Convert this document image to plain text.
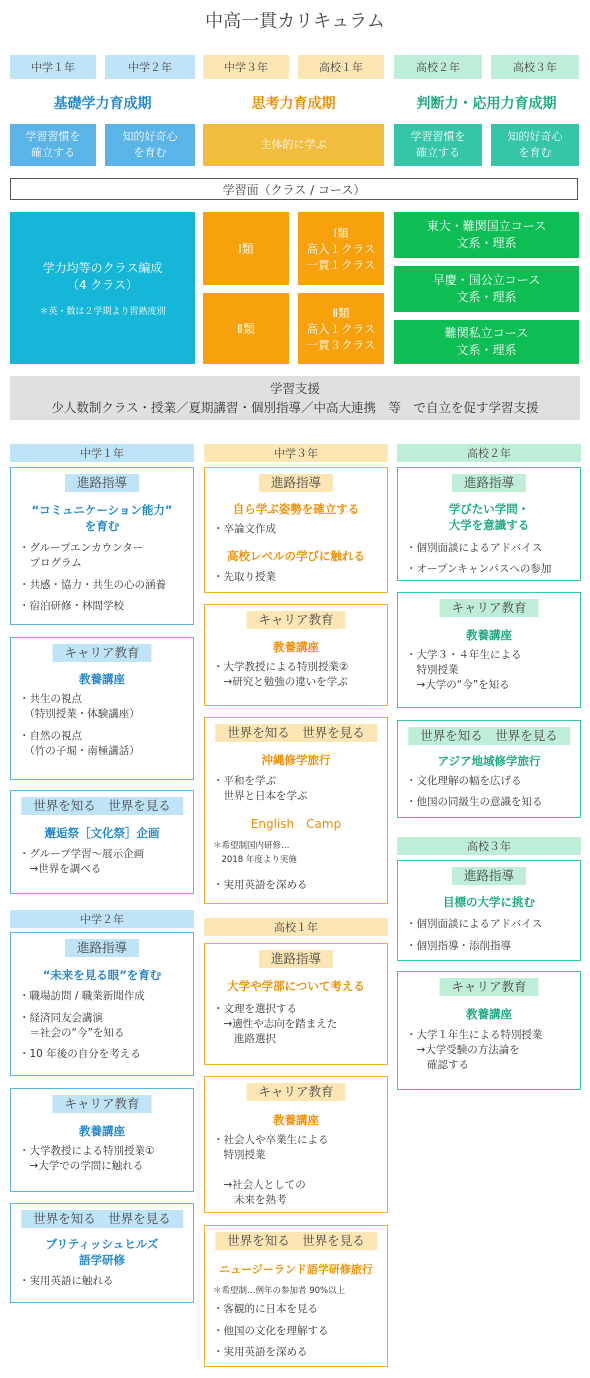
中高一貫カリキュラム
中学１年	中学２年	中学３年	高校１年	高校２年	高校３年
基礎学力育成期	思考力育成期	判断力・応用力育成期
学習習慣を
確立する
知的好奇心
を育む
主体的に学ぶ
学習習慣を
確立する
知的好奇心
を育む
学習面（クラス / コース）
学力均等のクラス編成
（4 クラス）
＊英・数は２学期より習熟度別
Ⅰ類
Ⅰ類
高入１クラス
一貫１クラス
Ⅱ類
Ⅱ類
高入１クラス
一貫３クラス
東大・難関国立コース
文系・理系
早慶・国公立コース
文系・理系
難関私立コース
文系・理系
学習支援
少人数制クラス・授業／夏期講習・個別指導／中高大連携　等　で自立を促す学習支援
中学１年
進路指導
“コミュニケーション能力”
を育む
・グループエンカウンター
　プログラム
・共感・協力・共生の心の涵養
・宿泊研修・林間学校
キャリア教育
教養講座
・共生の視点
　（特別授業・体験講座）
・自然の視点
　（竹の子堀・南極講話）
世界を知る　世界を見る
邂逅祭［文化祭］企画
・グループ学習～展示企画
　→世界を調べる
中学２年
進路指導
“未来を見る眼”を育む
・職場訪問 / 職業新聞作成
・経済同友会講演
　＝社会の“今”を知る
・10 年後の自分を考える
キャリア教育
教養講座
・大学教授による特別授業①
　→大学での学問に触れる
世界を知る　世界を見る
ブリティッシュヒルズ
語学研修
・実用英語に触れる
中学３年
進路指導
自ら学ぶ姿勢を確立する
・卒論文作成
高校レベルの学びに触れる
・先取り授業
キャリア教育
教養講座
・大学教授による特別授業②
　→研究と勉強の違いを学ぶ
世界を知る　世界を見る
沖縄修学旅行
・平和を学ぶ
　世界と日本を学ぶ
English　Camp
＊希望制国内研修…
　2018 年度より実施
・実用英語を深める
高校１年
進路指導
大学や学部について考える
・文理を選択する
　→適性や志向を踏まえた
　　進路選択
キャリア教育
教養講座
・社会人や卒業生による
　特別授業

　→社会人としての
　　未来を熟考
世界を知る　世界を見る
ニュージーランド語学研修旅行
＊希望制…例年の参加者 90%以上
・客観的に日本を見る
・他国の文化を理解する
・実用英語を深める
高校２年
進路指導
学びたい学問・
大学を意識する
・個別面談によるアドバイス
・オープンキャンパスへの参加
キャリア教育
教養講座
・大学３・４年生による
　特別授業
　→大学の“今”を知る
世界を知る　世界を見る
アジア地域修学旅行
・文化理解の幅を広げる
・他国の同級生の意識を知る
高校３年
進路指導
目標の大学に挑む
・個別面談によるアドバイス
・個別指導・添削指導
キャリア教育
教養講座
・大学１年生による特別授業
　→大学受験の方法論を
　　確認する
